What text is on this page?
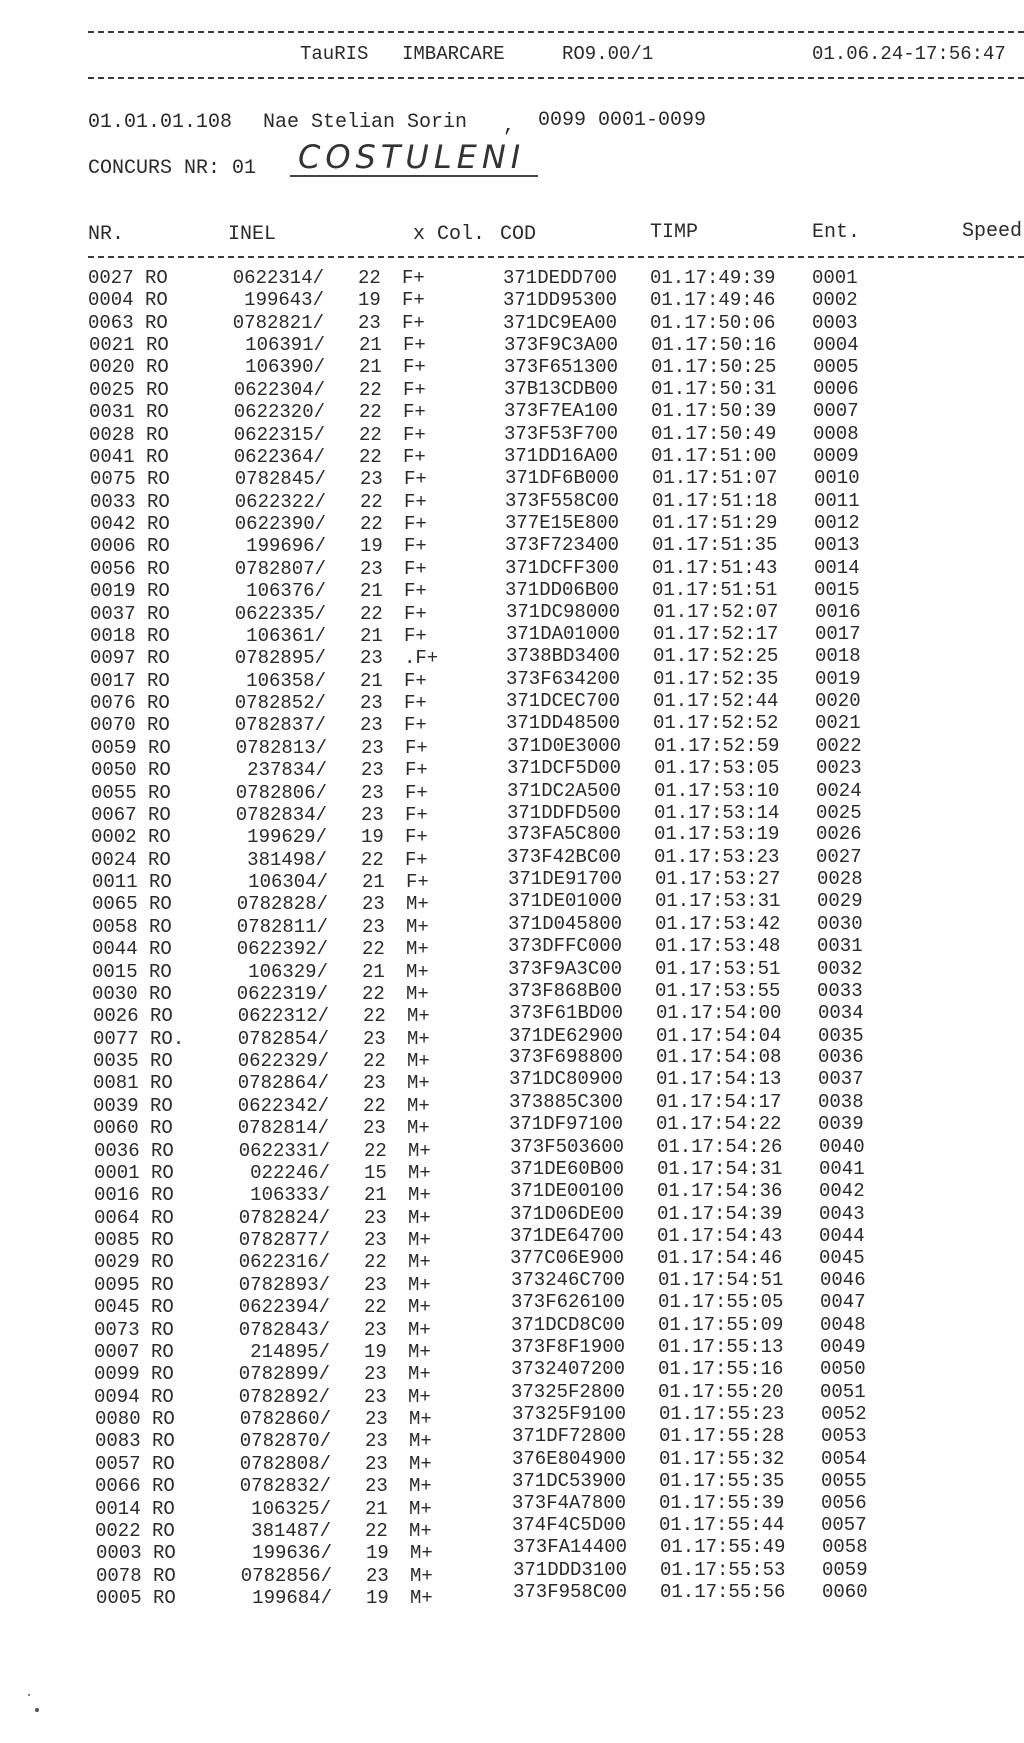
TauRIS IMBARCARE	RO9.00/1	01.06.24-17:56:47
01.01.01.108 Nae Stelian Sorin , 0099 0001-0099
CONCURS NR: 01 COSTULENI
NR.	INEL	x Col. COD	TIMP	Ent.	Speed
0027 RO	0622314/ 22 F+	371DEDD700 01.17:49:39 0001
0004 RO	199643/ 19 F+	371DD95300 01.17:49:46 0002
0063 RO	0782821/ 23 F+	371DC9EA00 01.17:50:06 0003
0021 RO	106391/ 21 F+	373F9C3A00 01.17:50:16 0004
0020 RO	106390/ 21 F+	373F651300 01.17:50:25 0005
0025 RO	0622304/ 22 F+	37B13CDB00 01.17:50:31 0006
0031 RO	0622320/ 22 F+	373F7EA100 01.17:50:39 0007
0028 RO	0622315/ 22 F+	373F53F700 01.17:50:49 0008
0041 RO	0622364/ 22 F+	371DD16A00 01.17:51:00 0009
0075 RO	0782845/ 23 F+	371DF6B000 01.17:51:07 0010
0033 RO	0622322/ 22 F+	373F558C00 01.17:51:18 0011
0042 RO	0622390/ 22 F+	377E15E800 01.17:51:29 0012
0006 RO	199696/ 19 F+	373F723400 01.17:51:35 0013
0056 RO	0782807/ 23 F+	371DCFF300 01.17:51:43 0014
0019 RO	106376/ 21 F+	371DD06B00 01.17:51:51 0015
0037 RO	0622335/ 22 F+	371DC98000 01.17:52:07 0016
0018 RO	106361/ 21 F+	371DA01000 01.17:52:17 0017
0097 RO	0782895/ 23 .F+	3738BD3400 01.17:52:25 0018
0017 RO	106358/ 21 F+	373F634200 01.17:52:35 0019
0076 RO	0782852/ 23 F+	371DCEC700 01.17:52:44 0020
0070 RO	0782837/ 23 F+	371DD48500 01.17:52:52 0021
0059 RO	0782813/ 23 F+	371D0E3000 01.17:52:59 0022
0050 RO	237834/ 23 F+	371DCF5D00 01.17:53:05 0023
0055 RO	0782806/ 23 F+	371DC2A500 01.17:53:10 0024
0067 RO	0782834/ 23 F+	371DDFD500 01.17:53:14 0025
0002 RO	199629/ 19 F+	373FA5C800 01.17:53:19 0026
0024 RO	381498/ 22 F+	373F42BC00 01.17:53:23 0027
0011 RO	106304/ 21 F+	371DE91700 01.17:53:27 0028
0065 RO	0782828/ 23 M+	371DE01000 01.17:53:31 0029
0058 RO	0782811/ 23 M+	371D045800 01.17:53:42 0030
0044 RO	0622392/ 22 M+	373DFFC000 01.17:53:48 0031
0015 RO	106329/ 21 M+	373F9A3C00 01.17:53:51 0032
0030 RO	0622319/ 22 M+	373F868B00 01.17:53:55 0033
0026 RO	0622312/ 22 M+	373F61BD00 01.17:54:00 0034
0077 RO.	0782854/ 23 M+	371DE62900 01.17:54:04 0035
0035 RO	0622329/ 22 M+	373F698800 01.17:54:08 0036
0081 RO	0782864/ 23 M+	371DC80900 01.17:54:13 0037
0039 RO	0622342/ 22 M+	373885C300 01.17:54:17 0038
0060 RO	0782814/ 23 M+	371DF97100 01.17:54:22 0039
0036 RO	0622331/ 22 M+	373F503600 01.17:54:26 0040
0001 RO	022246/ 15 M+	371DE60B00 01.17:54:31 0041
0016 RO	106333/ 21 M+	371DE00100 01.17:54:36 0042
0064 RO	0782824/ 23 M+	371D06DE00 01.17:54:39 0043
0085 RO	0782877/ 23 M+	371DE64700 01.17:54:43 0044
0029 RO	0622316/ 22 M+	377C06E900 01.17:54:46 0045
0095 RO	0782893/ 23 M+	373246C700 01.17:54:51 0046
0045 RO	0622394/ 22 M+	373F626100 01.17:55:05 0047
0073 RO	0782843/ 23 M+	371DCD8C00 01.17:55:09 0048
0007 RO	214895/ 19 M+	373F8F1900 01.17:55:13 0049
0099 RO	0782899/ 23 M+	3732407200 01.17:55:16 0050
0094 RO	0782892/ 23 M+	37325F2800 01.17:55:20 0051
0080 RO	0782860/ 23 M+	37325F9100 01.17:55:23 0052
0083 RO	0782870/ 23 M+	371DF72800 01.17:55:28 0053
0057 RO	0782808/ 23 M+	376E804900 01.17:55:32 0054
0066 RO	0782832/ 23 M+	371DC53900 01.17:55:35 0055
0014 RO	106325/ 21 M+	373F4A7800 01.17:55:39 0056
0022 RO	381487/ 22 M+	374F4C5D00 01.17:55:44 0057
0003 RO	199636/ 19 M+	373FA14400 01.17:55:49 0058
0078 RO	0782856/ 23 M+	371DDD3100 01.17:55:53 0059
0005 RO	199684/ 19 M+	373F958C00 01.17:55:56 0060
